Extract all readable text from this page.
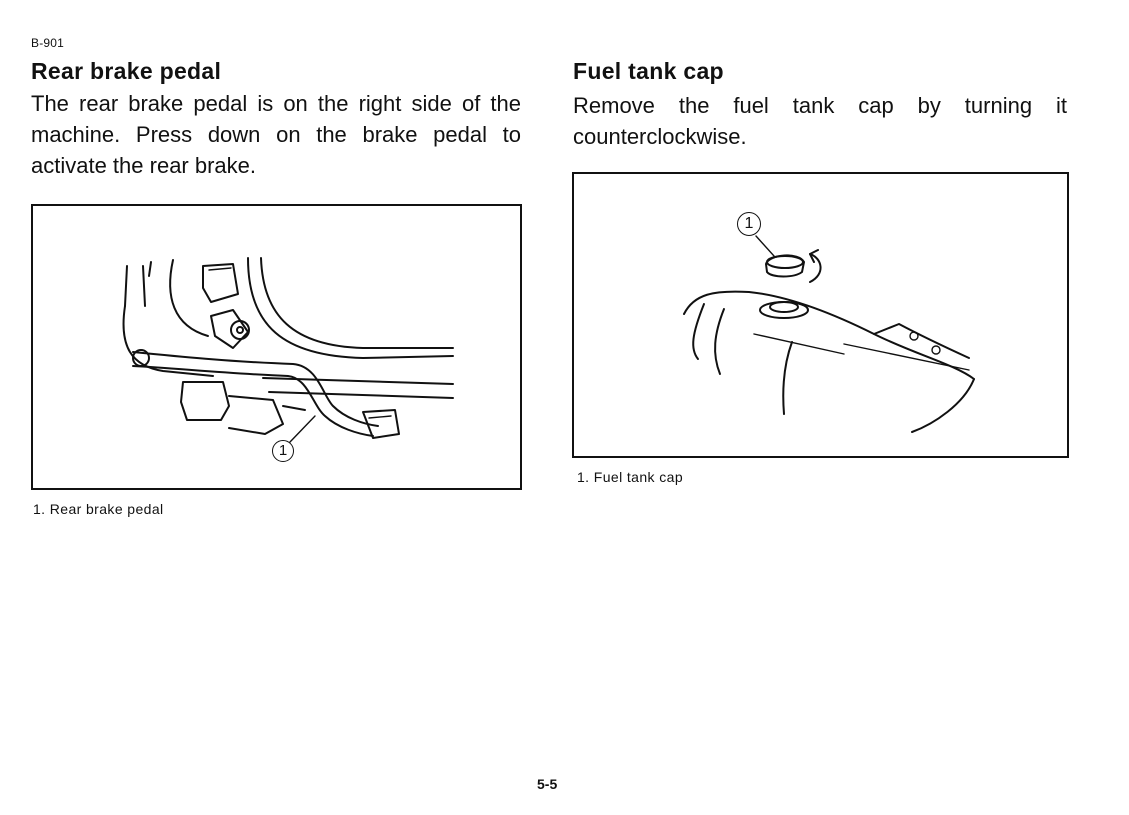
B-901
Rear brake pedal

The rear brake pedal is on the right side of the machine. Press down on the brake pedal to activate the rear brake.

Fuel tank cap

Remove the fuel tank cap by turning it counterclockwise.

1
1. Rear brake pedal
1
1. Fuel tank cap
5-5
